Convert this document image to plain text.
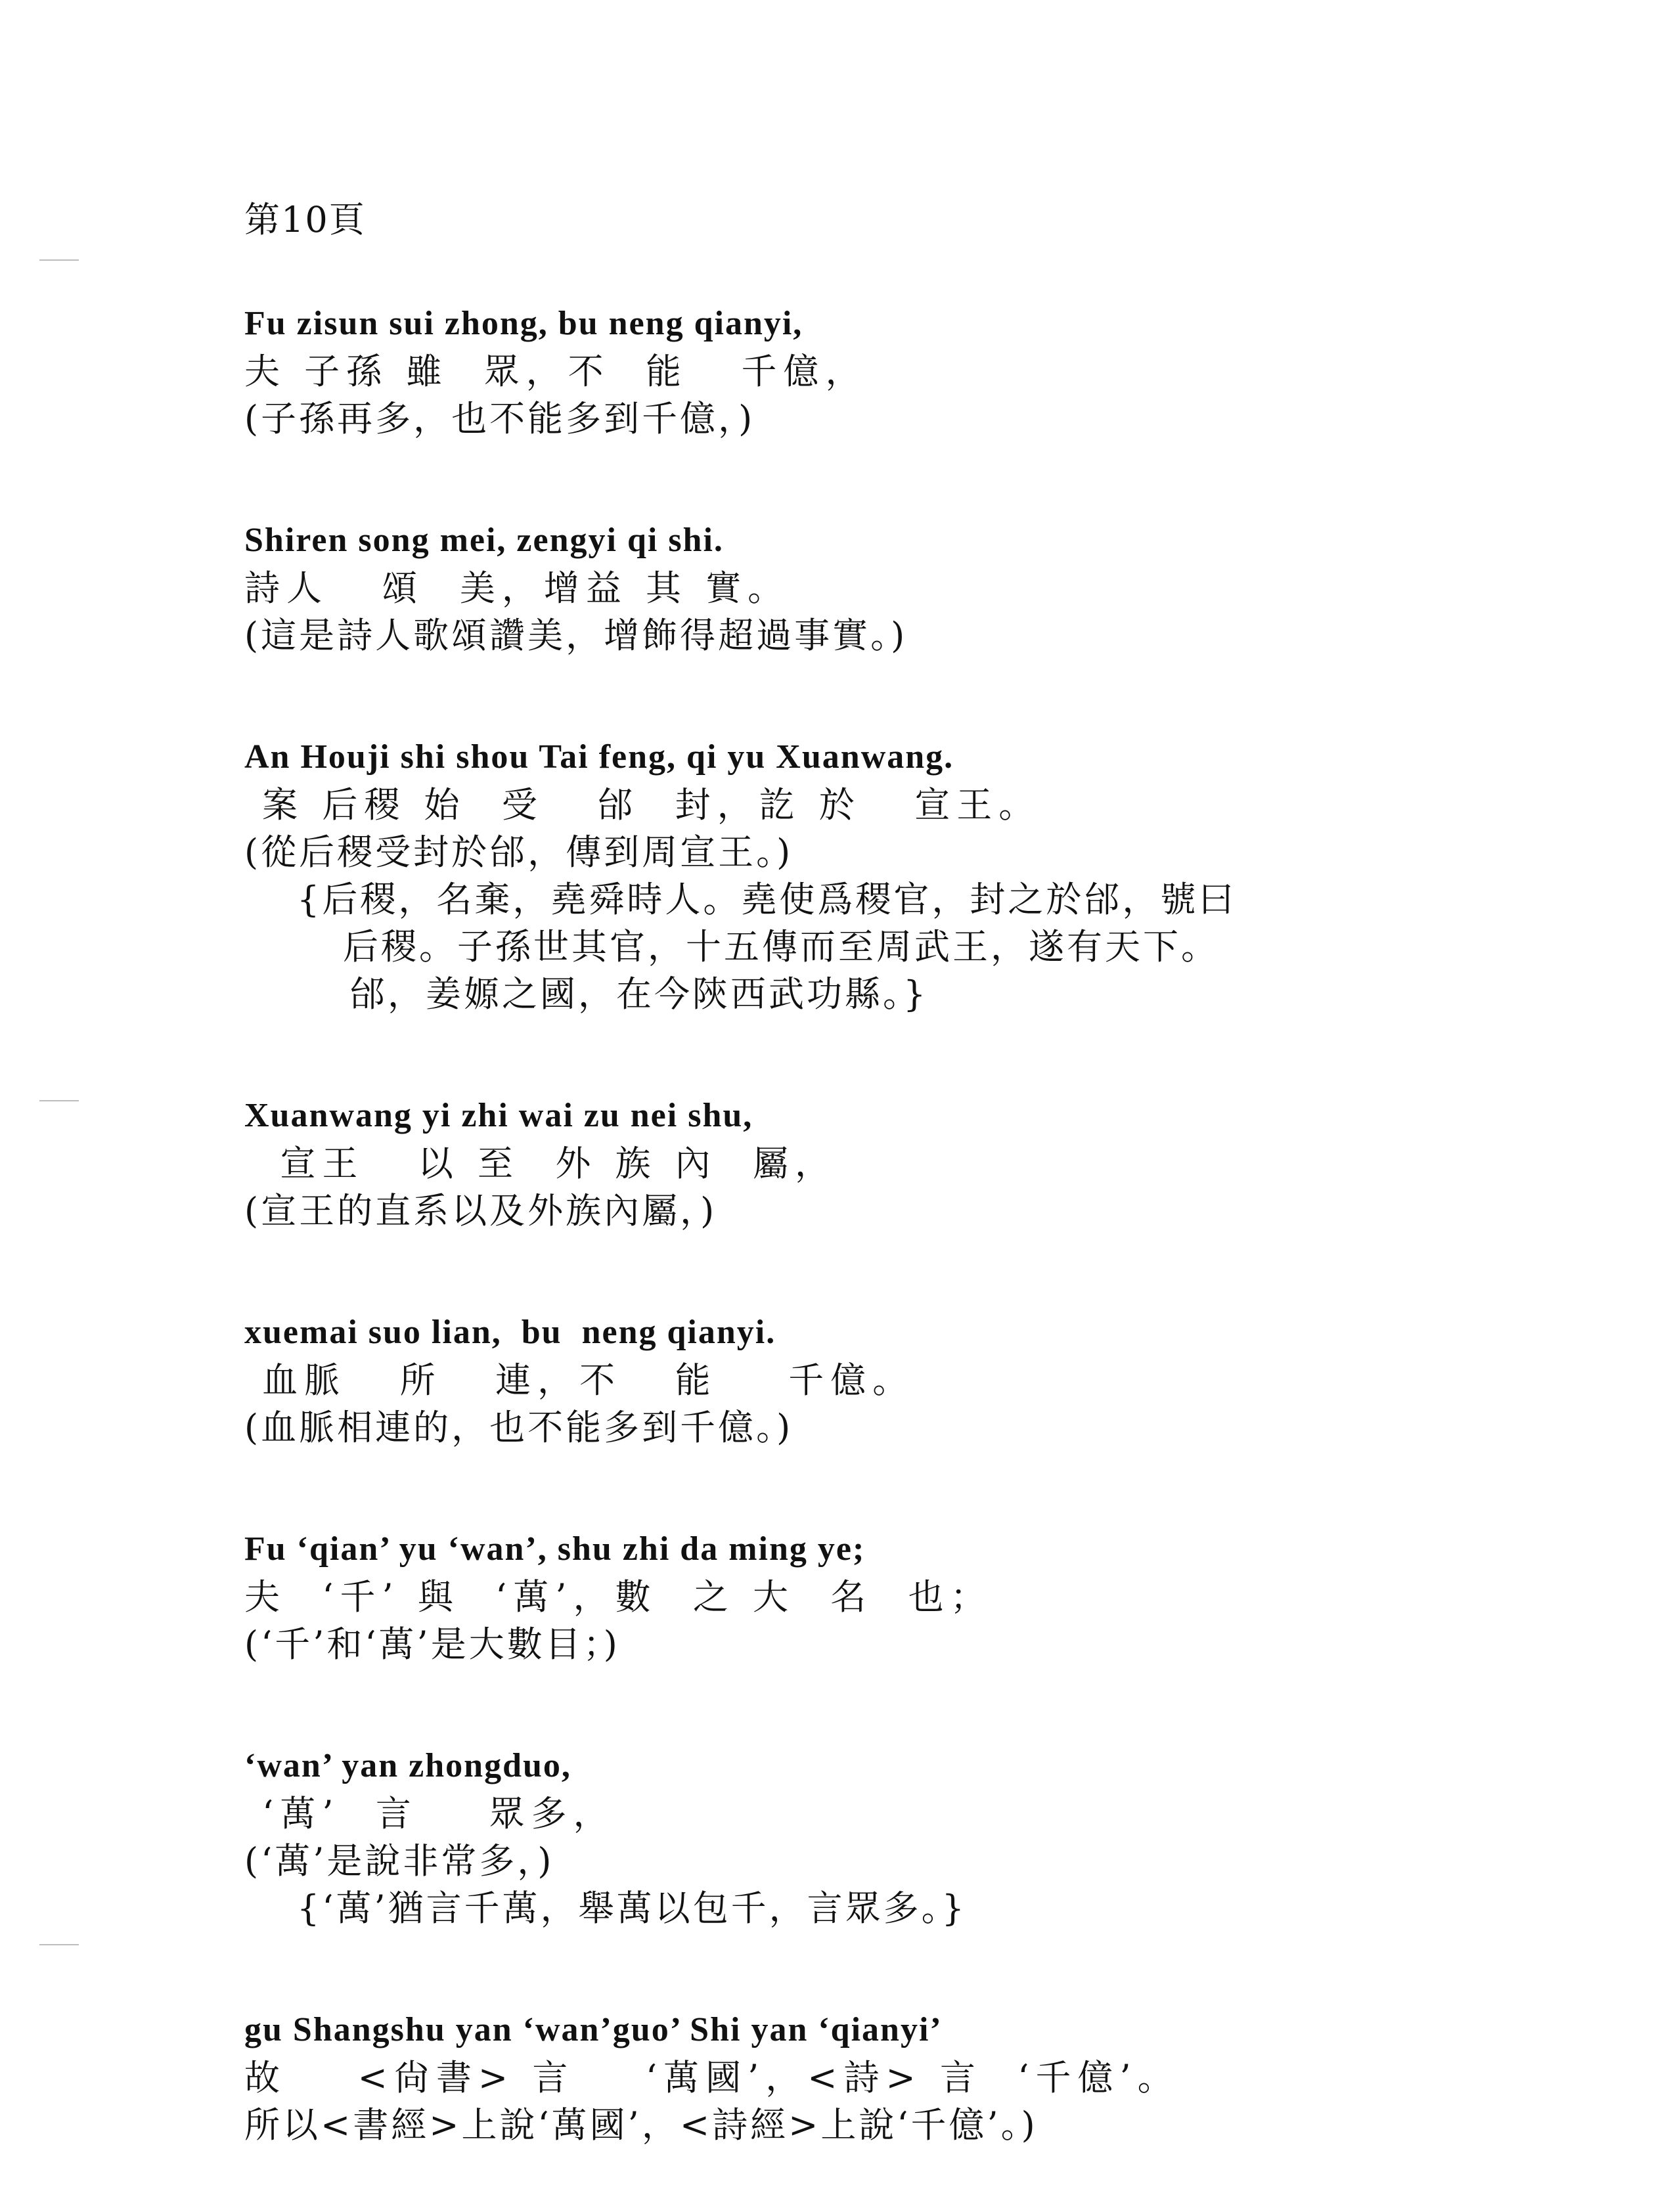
第10頁
Fu zisun sui zhong, bu neng qianyi,
夫 子孫 雖  眾，不  能   千億，
(子孫再多，也不能多到千億，)
Shiren song mei, zengyi qi shi.
詩人   頌  美，增益 其 實。
(這是詩人歌頌讚美，增飾得超過事實。)
An Houji shi shou Tai feng, qi yu Xuanwang.
案 后稷 始  受   邰  封，訖 於   宣王。
(從后稷受封於邰，傳到周宣王。)
{后稷，名棄，堯舜時人。堯使爲稷官，封之於邰，號曰
后稷。子孫世其官，十五傳而至周武王，遂有天下。
邰，姜嫄之國，在今陝西武功縣。}
Xuanwang yi zhi wai zu nei shu,
宣王   以 至  外 族 內  屬，
(宣王的直系以及外族內屬，)
xuemai suo lian,  bu  neng qianyi.
血脈   所   連，不   能    千億。
(血脈相連的，也不能多到千億。)
Fu ‘qian’ yu ‘wan’, shu zhi da ming ye;
夫  ‘千’ 與  ‘萬’，數  之 大  名  也；
(‘千’和‘萬’是大數目；)
‘wan’ yan zhongduo,
‘萬’  言    眾多，
(‘萬’是說非常多，)
{‘萬’猶言千萬，舉萬以包千，言眾多。}
gu Shangshu yan ‘wan’guo’ Shi yan ‘qianyi’
故    <尙書> 言    ‘萬國’，<詩> 言  ‘千億’。
所以<書經>上說‘萬國’，<詩經>上說‘千億’。)
